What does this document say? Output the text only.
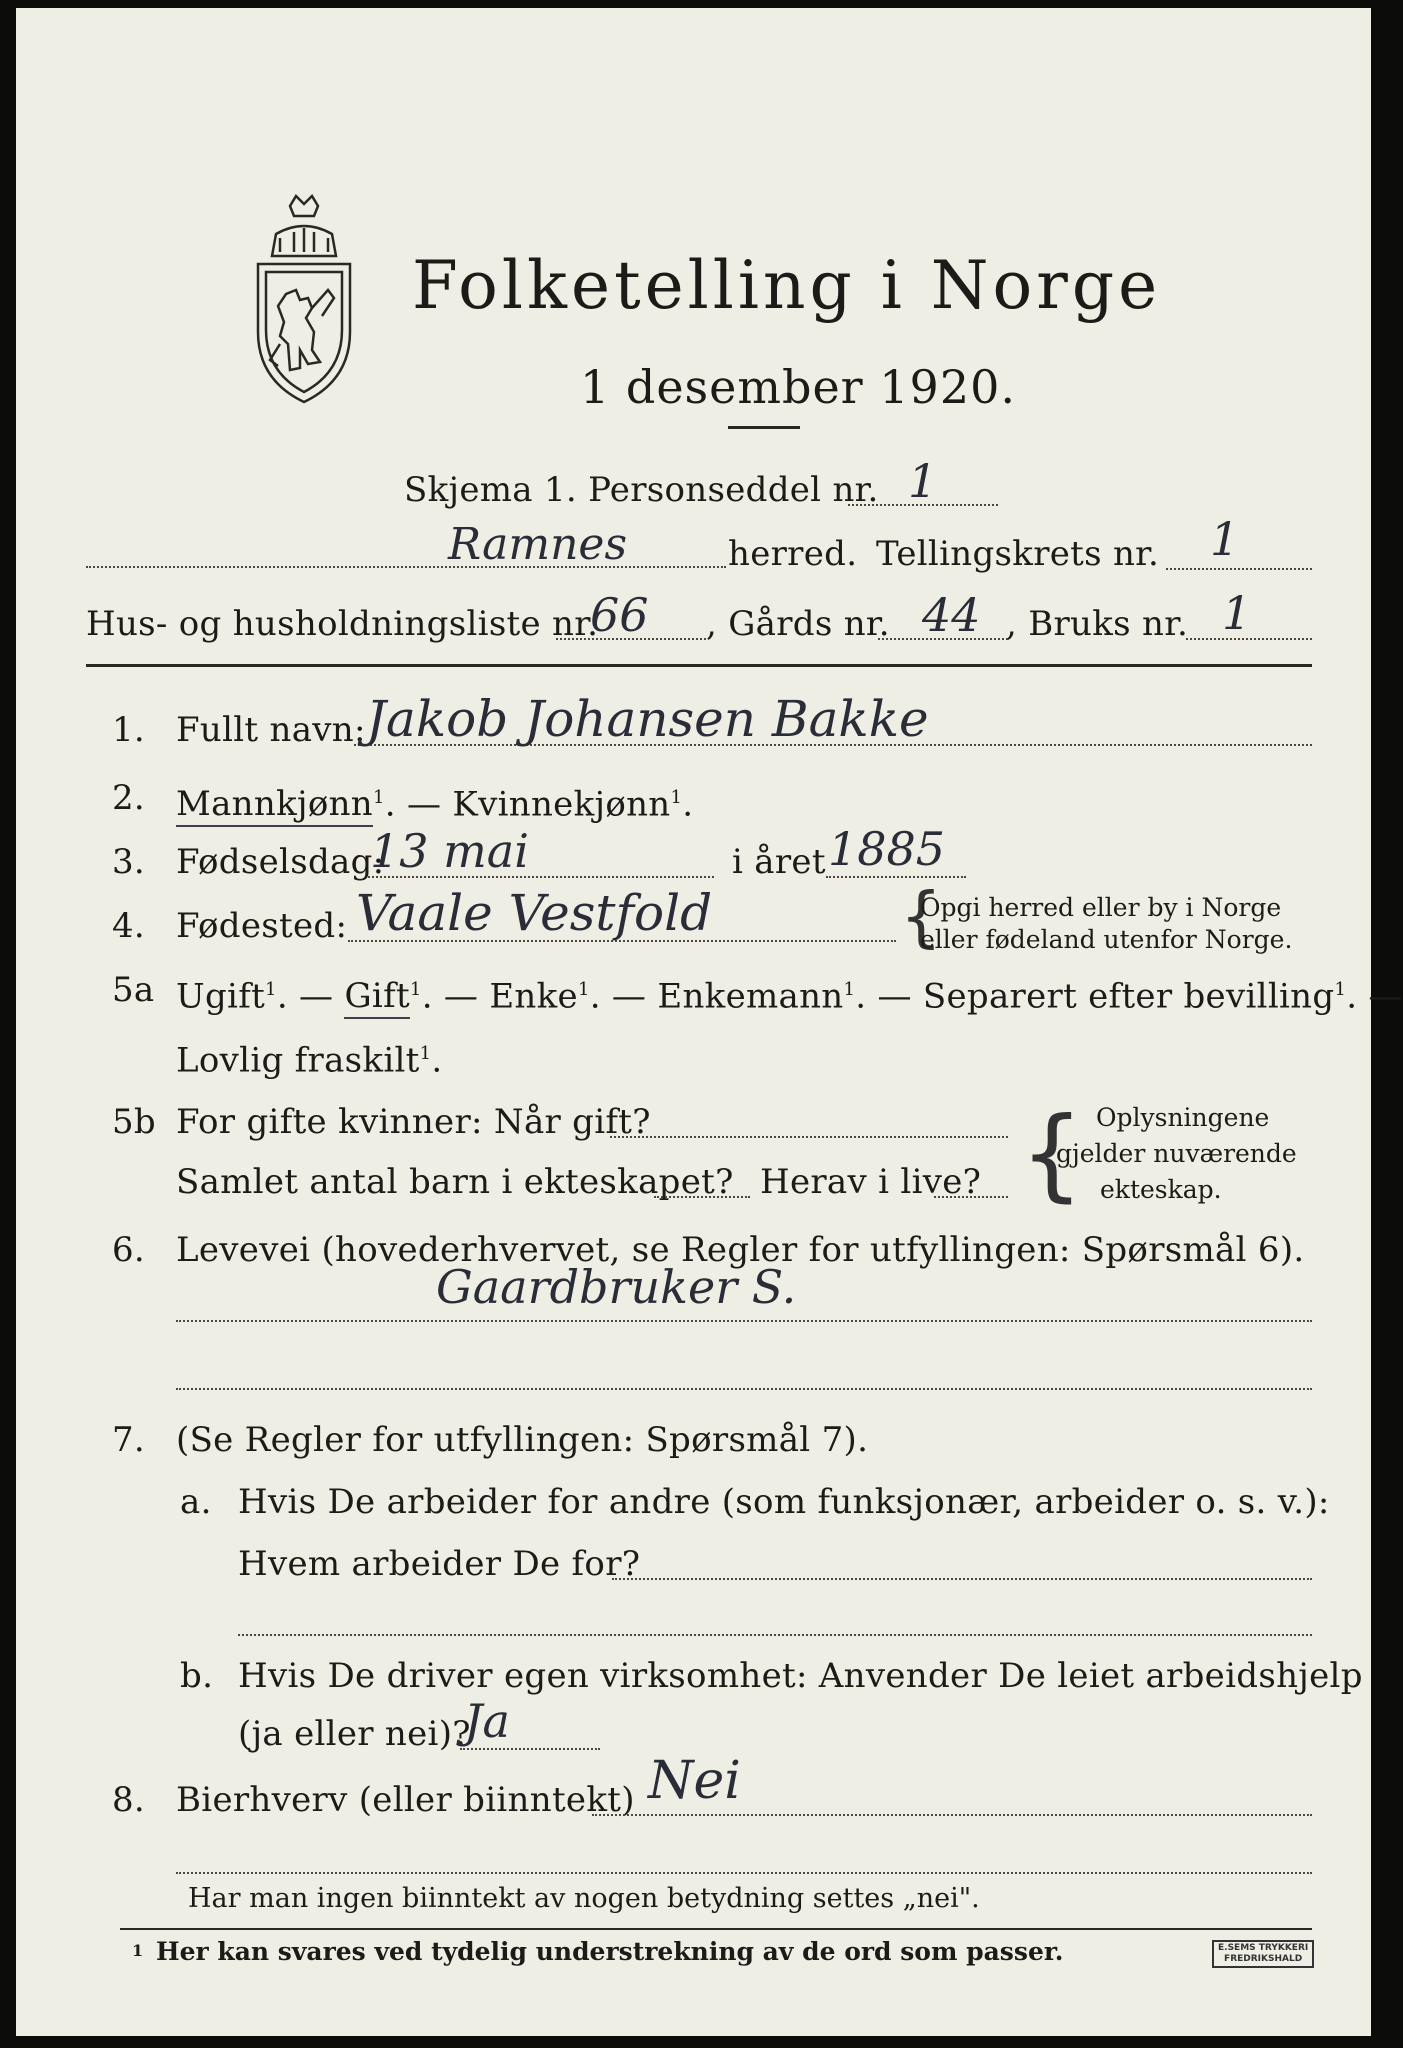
Folketelling i Norge
1 desember 1920.
Skjema 1. Personseddel nr. 1
Ramnes	herred. Tellingskrets nr. 1
Hus- og husholdningsliste nr.
66 , Gårds nr. 44 , Bruks nr. 1
1. Fullt navn: Jakob Johansen Bakke
2. Mannkjønn$^1$. — Kvinnekjønn$^1$.
3. Fødselsdag:
13 mai	i året 1885
4. Fødested: Vaale Vestfold	{
Opgi herred eller by i Norge
eller fødeland utenfor Norge.
5a Ugift$^1$. — Gift$^1$. — Enke$^1$. — Enkemann$^1$. — Separert efter bevilling$^1$. —
Lovlig fraskilt$^1$.
5b For gifte kvinner: Når gift?
Samlet antal barn i ekteskapet? Herav i live? { Oplysningene
gjelder nuværende
ekteskap.
6. Levevei (hovederhvervet, se Regler for utfyllingen: Spørsmål 6).
Gaardbruker S.
7. (Se Regler for utfyllingen: Spørsmål 7).
a. Hvis De arbeider for andre (som funksjonær, arbeider o. s. v.):
Hvem arbeider De for?
b. Hvis De driver egen virksomhet: Anvender De leiet arbeidshjelp
(ja eller nei)?
Ja
8. Bierhverv (eller biinntekt) Nei
Har man ingen biinntekt av nogen betydning settes „nei".
1 Her kan svares ved tydelig understrekning av de ord som passer.	E.SEMS TRYKKERI
FREDRIKSHALD
